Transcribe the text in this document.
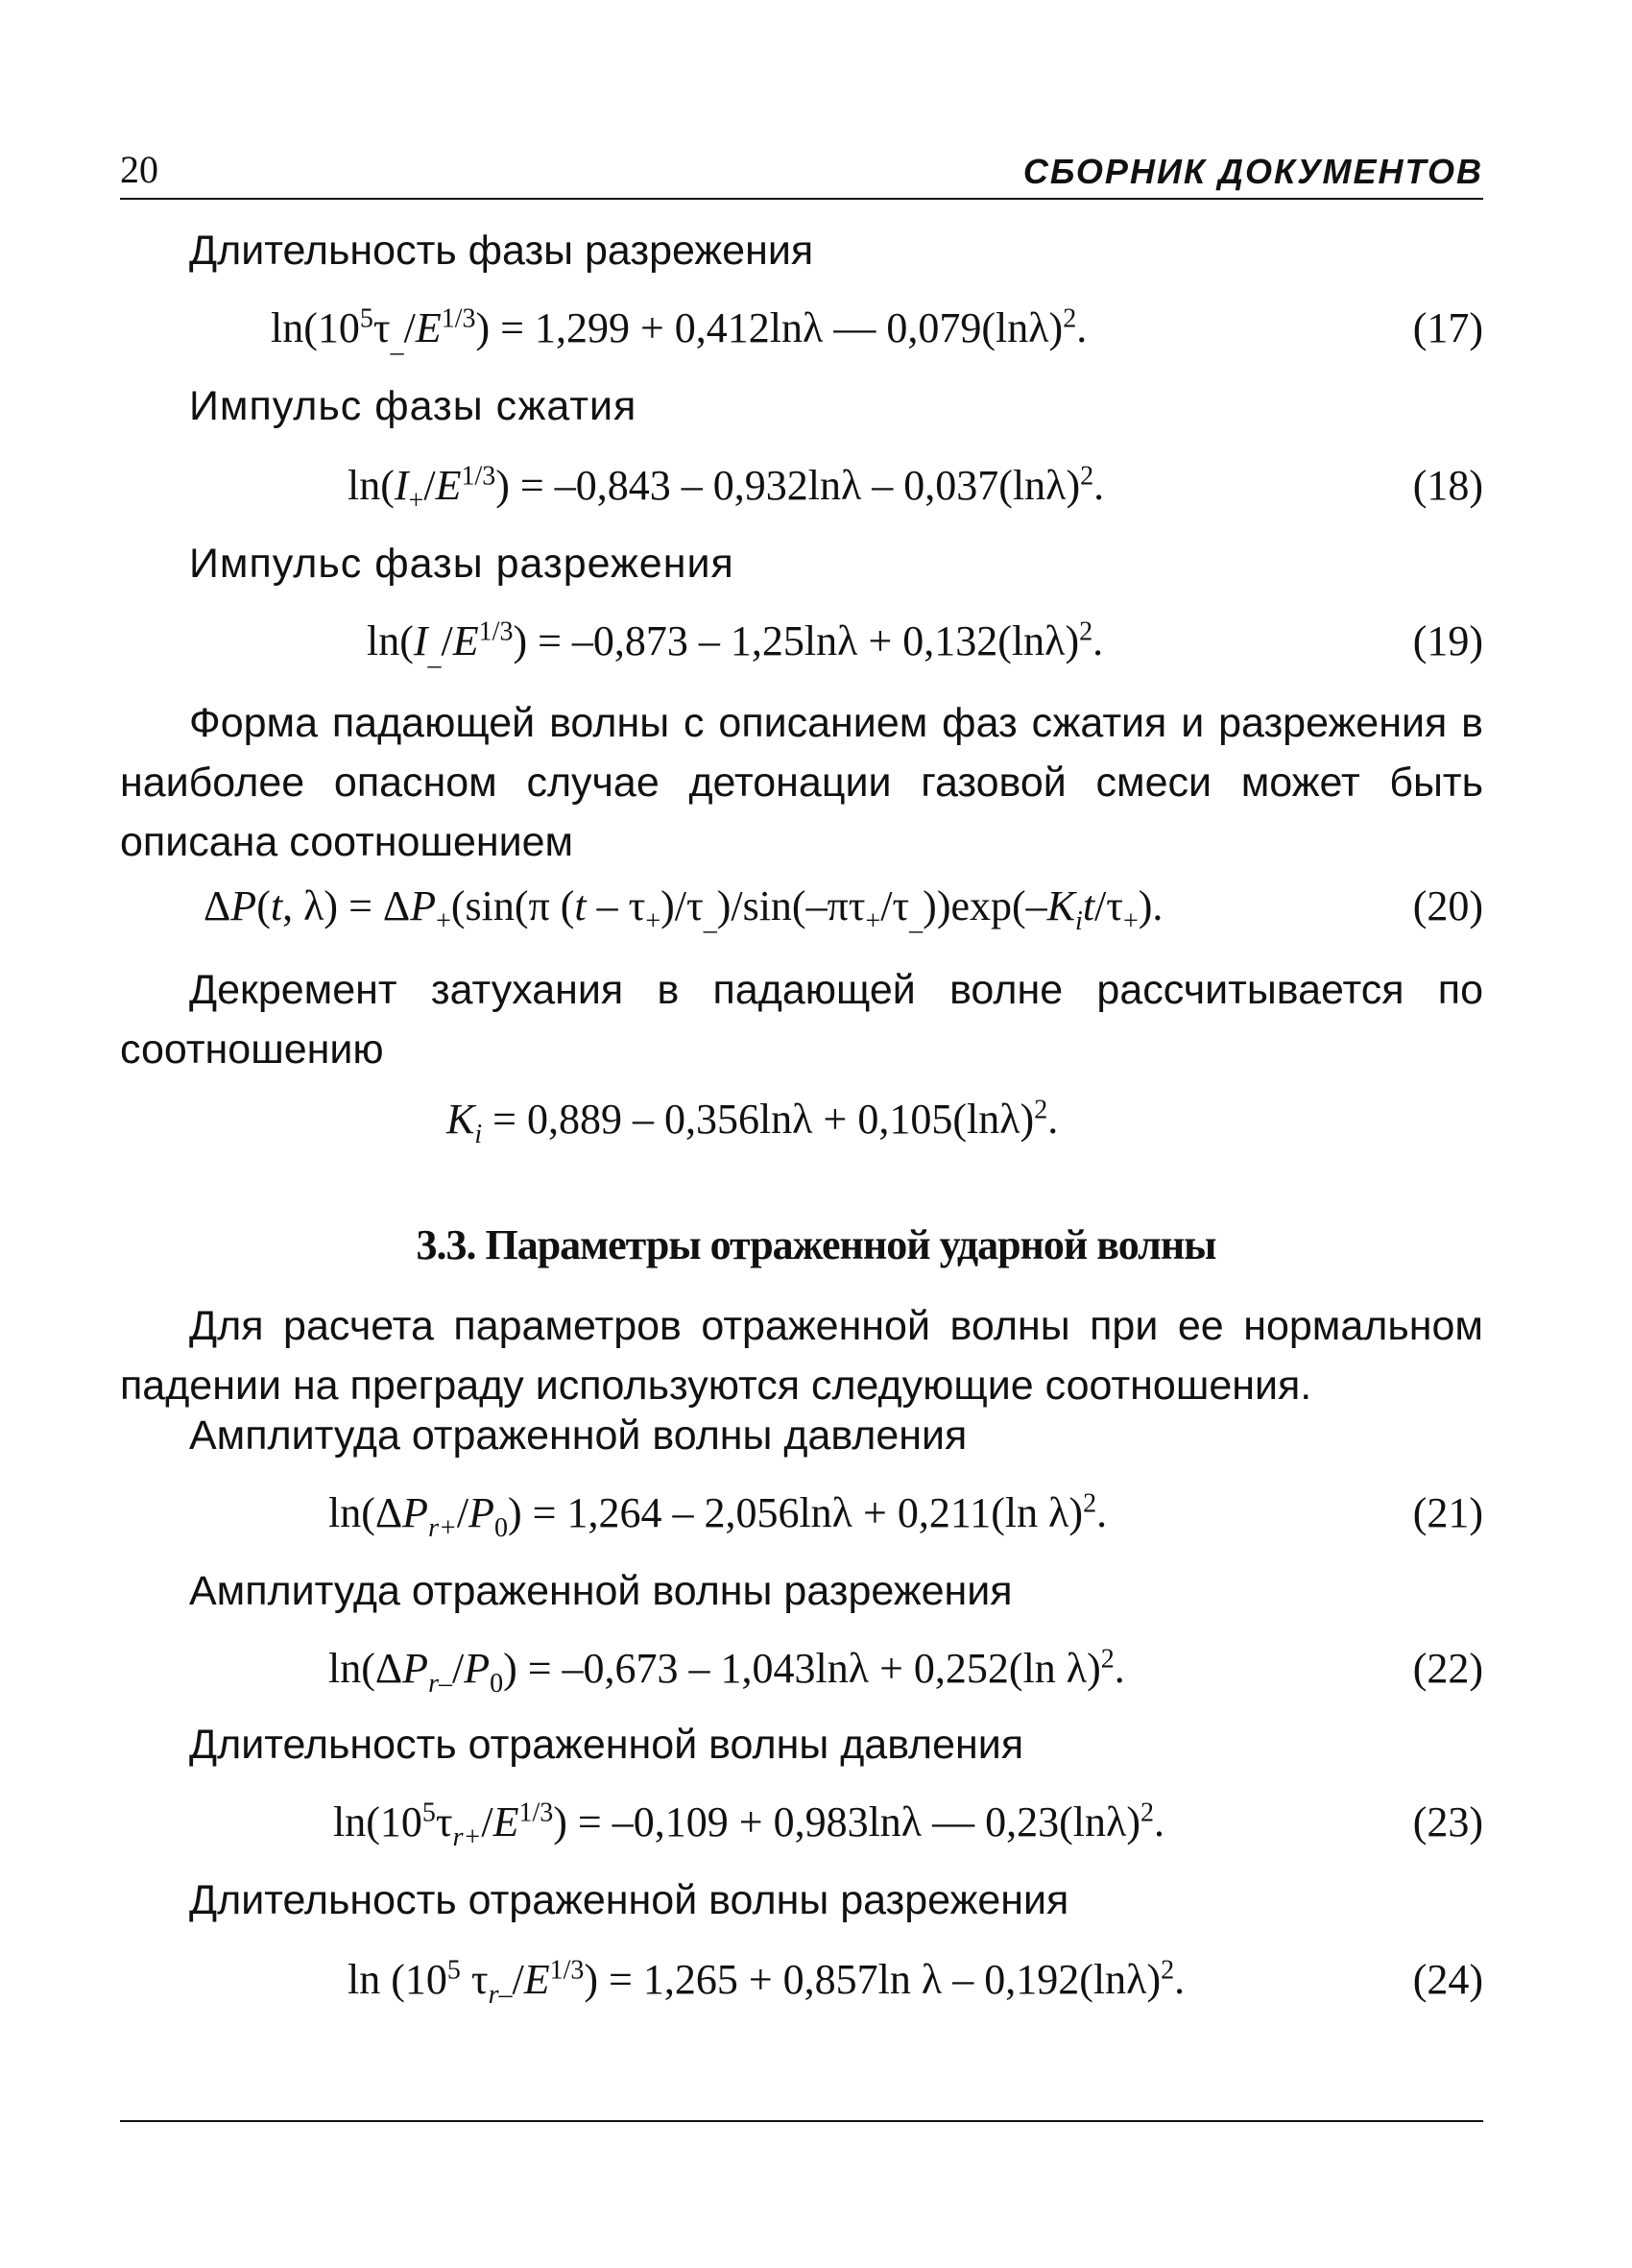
20	СБОРНИК ДОКУМЕНТОВ
Длительность фазы разрежения
$\ln(10^5\tau_{\_}/E^{1/3}) = 1,299 + 0,412\ln\lambda$ — $0,079(\ln\lambda)^2$.	(17)
Импульс фазы сжатия
$\ln(I_+/E^{1/3}) = -0,843 - 0,932\ln\lambda - 0,037(\ln\lambda)^2$.	(18)
Импульс фазы разрежения
$\ln(I_{\_}/E^{1/3}) = -0,873 - 1,25\ln\lambda + 0,132(\ln\lambda)^2$.	(19)
Форма падающей волны с описанием фаз сжатия и разрежения в наиболее опасном случае детонации газовой смеси может быть описана соотношением
ΔP(t, $\lambda) = \Delta P_+(\sin(\pi$ $(t - \tau_+)/\tau_{\_})/\sin(-\pi\tau_+/\tau_{\_}))\exp(-K_it/\tau_+)$.	(20)
Декремент затухания в падающей волне рассчитывается по соотношению
$K_i = 0,889 - 0,356\ln\lambda + 0,105(\ln\lambda)^2$.
3.3. Параметры отраженной ударной волны
Для расчета параметров отраженной волны при ее нормальном падении на преграду используются следующие соотношения.
Амплитуда отраженной волны давления
$\ln(\Delta P_{r+}/P_0) = 1,264 - 2,056\ln\lambda + 0,211(\ln$ λ)$^2$.	(21)
Амплитуда отраженной волны разрежения
$\ln(\Delta P_{r-}/P_0) = -0,673 - 1,043\ln\lambda + 0,252(\ln$ λ)$^2$.	(22)
Длительность отраженной волны давления
$\ln(10^5\tau_{r+}/E^{1/3}) = -0,109 + 0,983\ln\lambda$ — $0,23(\ln\lambda)^2$.	(23)
Длительность отраженной волны разрежения
$\ln (10^5$ $\tau_{r-}/E^{1/3}) = 1,265 + 0,857\ln$ λ – $0,192(\ln\lambda)^2$.	(24)
